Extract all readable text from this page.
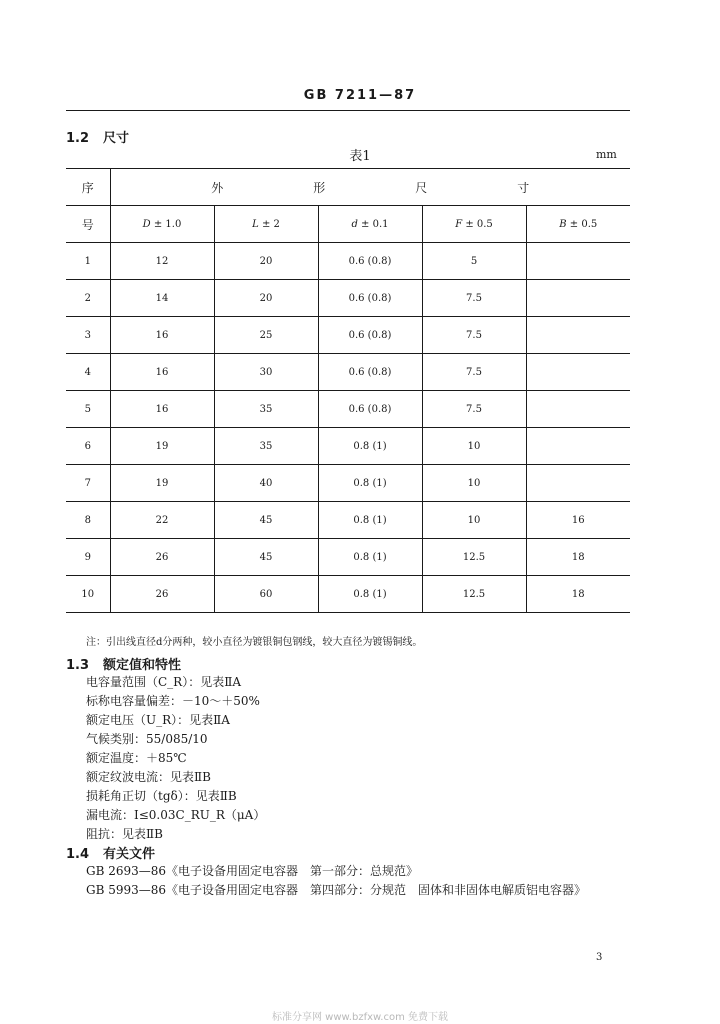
GB 7211—87
1.2 尺寸
表1	mm
序	外形尺寸				
号	D ± 1.0	L ± 2	d ± 0.1	F ± 0.5	B ± 0.5
1	12	20	0.6 (0.8)	5	
2	14	20	0.6 (0.8)	7.5	
3	16	25	0.6 (0.8)	7.5	
4	16	30	0.6 (0.8)	7.5	
5	16	35	0.6 (0.8)	7.5	
6	19	35	0.8 (1)	10	
7	19	40	0.8 (1)	10	
8	22	45	0.8 (1)	10	16
9	26	45	0.8 (1)	12.5	18
10	26	60	0.8 (1)	12.5	18
注：引出线直径d分两种，较小直径为镀银铜包钢线，较大直径为镀锡铜线。
1.3 额定值和特性
电容量范围（C_R）：见表ⅡA
标称电容量偏差：－10～＋50%
额定电压（U_R）：见表ⅡA
气候类别：55/085/10
额定温度：＋85℃
额定纹波电流：见表ⅡB
损耗角正切（tgδ）：见表ⅡB
漏电流：I≤0.03C_RU_R（μA）
阻抗：见表ⅡB
1.4 有关文件
GB 2693—86《电子设备用固定电容器　第一部分：总规范》
GB 5993—86《电子设备用固定电容器　第四部分：分规范　固体和非固体电解质铝电容器》
3
标准分享网 www.bzfxw.com 免费下载
